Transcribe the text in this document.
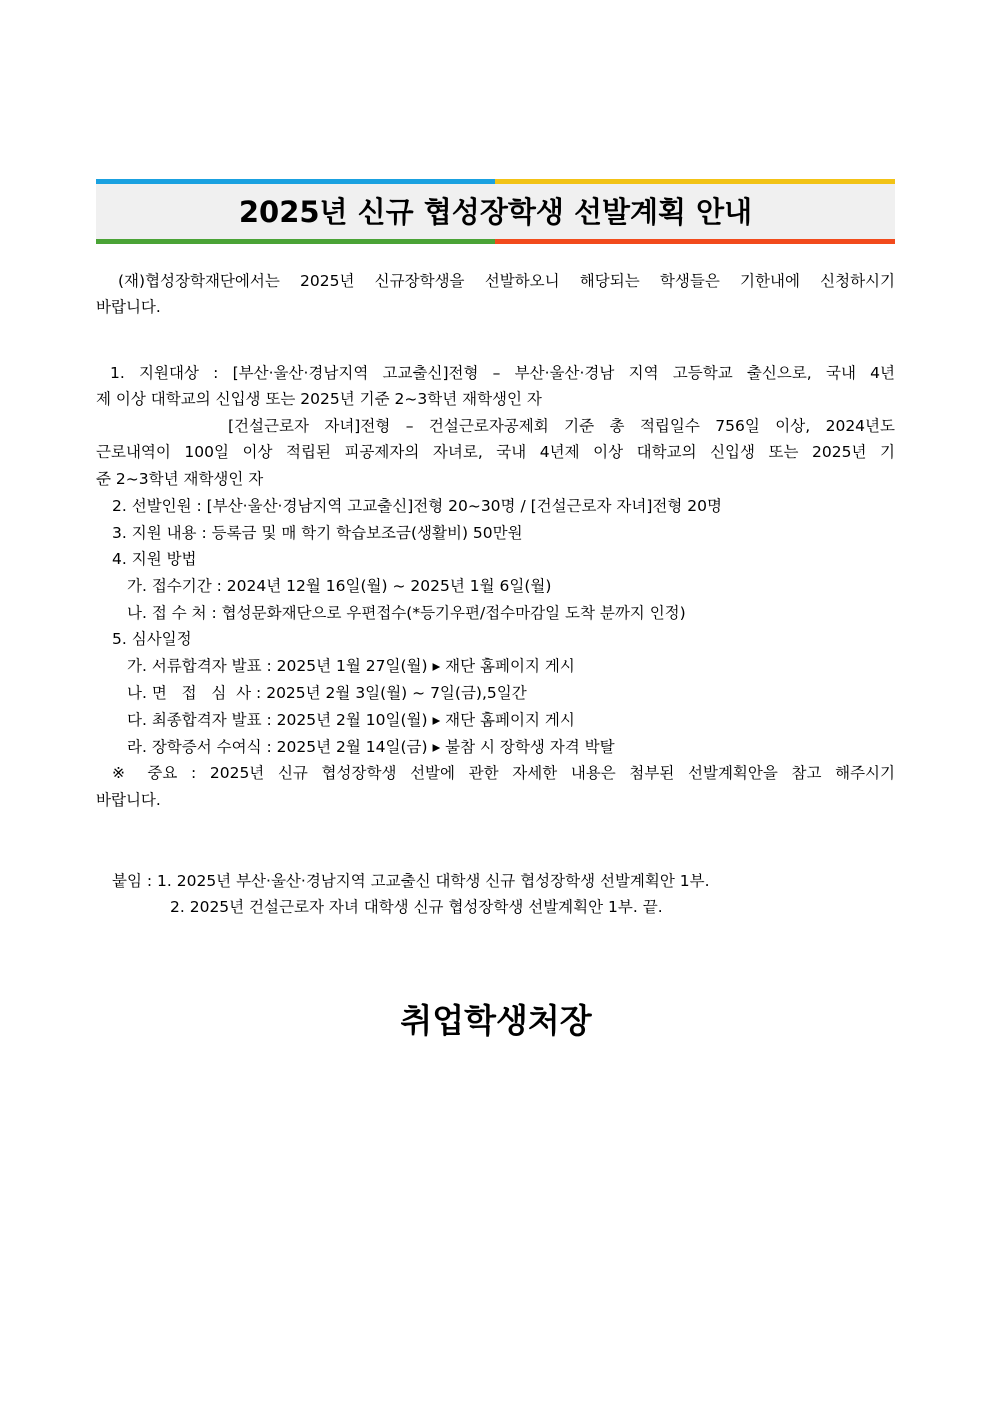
2025년 신규 협성장학생 선발계획 안내
(재)협성장학재단에서는 2025년 신규장학생을 선발하오니 해당되는 학생들은 기한내에 신청하시기
바랍니다.
1. 지원대상 : [부산·울산·경남지역 고교출신]전형 – 부산·울산·경남 지역 고등학교 출신으로, 국내 4년
제 이상 대학교의 신입생 또는 2025년 기준 2~3학년 재학생인 자
[건설근로자 자녀]전형 – 건설근로자공제회 기준 총 적립일수 756일 이상, 2024년도
근로내역이 100일 이상 적립된 피공제자의 자녀로, 국내 4년제 이상 대학교의 신입생 또는 2025년 기
준 2~3학년 재학생인 자
2. 선발인원 : [부산·울산·경남지역 고교출신]전형 20~30명 / [건설근로자 자녀]전형 20명
3. 지원 내용 : 등록금 및 매 학기 학습보조금(생활비) 50만원
4. 지원 방법
가. 접수기간 : 2024년 12월 16일(월) ~ 2025년 1월 6일(월)
나. 접 수 처 : 협성문화재단으로 우편접수(*등기우편/접수마감일 도착 분까지 인정)
5. 심사일정
가. 서류합격자 발표 : 2025년 1월 27일(월) ▸ 재단 홈페이지 게시
나. 면   접   심  사 : 2025년 2월 3일(월) ~ 7일(금),5일간
다. 최종합격자 발표 : 2025년 2월 10일(월) ▸ 재단 홈페이지 게시
라. 장학증서 수여식 : 2025년 2월 14일(금) ▸ 불참 시 장학생 자격 박탈
※ 중요 : 2025년 신규 협성장학생 선발에 관한 자세한 내용은 첨부된 선발계획안을 참고 해주시기
바랍니다.
붙임 : 1. 2025년 부산·울산·경남지역 고교출신 대학생 신규 협성장학생 선발계획안 1부.
2. 2025년 건설근로자 자녀 대학생 신규 협성장학생 선발계획안 1부. 끝.
취업학생처장
